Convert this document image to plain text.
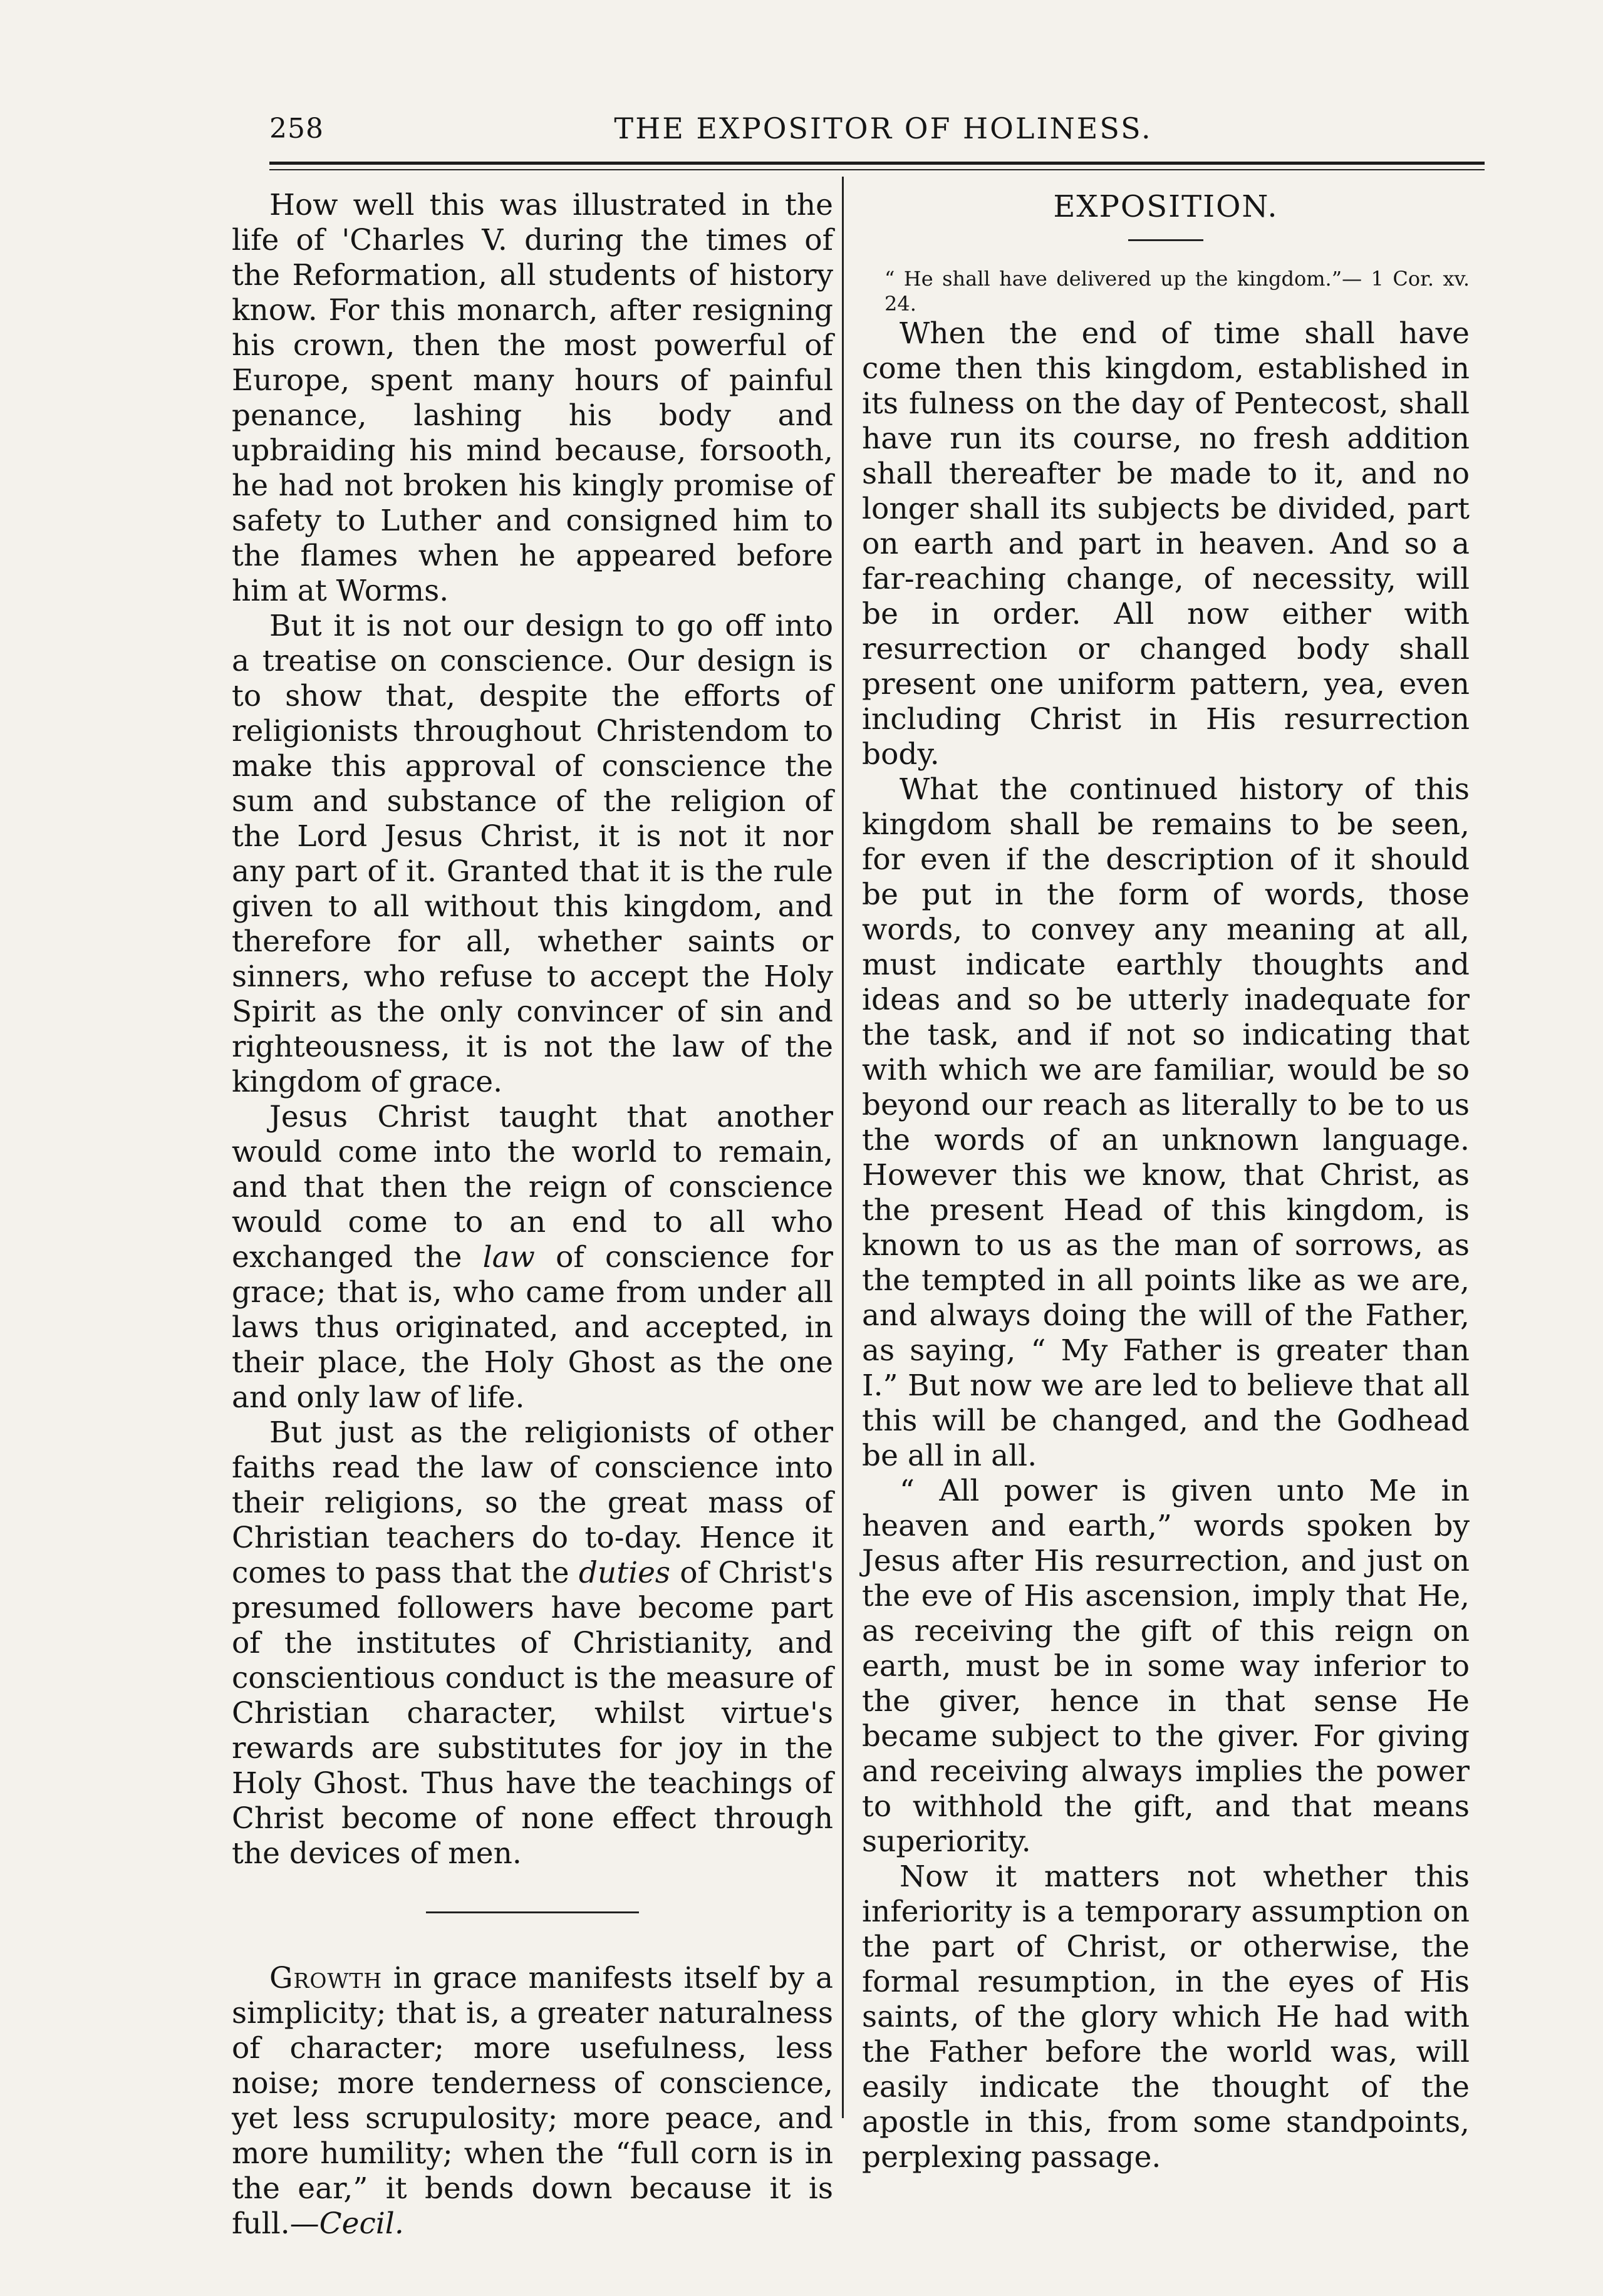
258	THE EXPOSITOR OF HOLINESS.

How well this was illustrated in the life of 'Charles V. during the times of the Reformation, all students of history know. For this monarch, after resigning his crown, then the most powerful of Europe, spent many hours of painful penance, lashing his body and upbraiding his mind because, forsooth, he had not broken his kingly promise of safety to Luther and consigned him to the flames when he appeared before him at Worms.

But it is not our design to go off into a treatise on conscience. Our design is to show that, despite the efforts of religionists throughout Christendom to make this approval of conscience the sum and substance of the religion of the Lord Jesus Christ, it is not it nor any part of it. Granted that it is the rule given to all without this kingdom, and therefore for all, whether saints or sinners, who refuse to accept the Holy Spirit as the only convincer of sin and righteousness, it is not the law of the kingdom of grace.

Jesus Christ taught that another would come into the world to remain, and that then the reign of conscience would come to an end to all who exchanged the law of conscience for grace; that is, who came from under all laws thus originated, and accepted, in their place, the Holy Ghost as the one and only law of life.

But just as the religionists of other faiths read the law of conscience into their religions, so the great mass of Christian teachers do to-day. Hence it comes to pass that the duties of Christ's presumed followers have become part of the institutes of Christianity, and conscientious conduct is the measure of Christian character, whilst virtue's rewards are substitutes for joy in the Holy Ghost. Thus have the teachings of Christ become of none effect through the devices of men.

Growth in grace manifests itself by a simplicity; that is, a greater naturalness of character; more usefulness, less noise; more tenderness of conscience, yet less scrupulosity; more peace, and more humility; when the “full corn is in the ear,” it bends down because it is full.—Cecil.

EXPOSITION.

“ He shall have delivered up the kingdom.”— 1 Cor. xv. 24.

When the end of time shall have come then this kingdom, established in its fulness on the day of Pentecost, shall have run its course, no fresh addition shall thereafter be made to it, and no longer shall its subjects be divided, part on earth and part in heaven. And so a far-reaching change, of necessity, will be in order. All now either with resurrection or changed body shall present one uniform pattern, yea, even including Christ in His resurrection body.

What the continued history of this kingdom shall be remains to be seen, for even if the description of it should be put in the form of words, those words, to convey any meaning at all, must indicate earthly thoughts and ideas and so be utterly inadequate for the task, and if not so indicating that with which we are familiar, would be so beyond our reach as literally to be to us the words of an unknown language. However this we know, that Christ, as the present Head of this kingdom, is known to us as the man of sorrows, as the tempted in all points like as we are, and always doing the will of the Father, as saying, “ My Father is greater than I.” But now we are led to believe that all this will be changed, and the Godhead be all in all.

“ All power is given unto Me in heaven and earth,” words spoken by Jesus after His resurrection, and just on the eve of His ascension, imply that He, as receiving the gift of this reign on earth, must be in some way inferior to the giver, hence in that sense He became subject to the giver. For giving and receiving always implies the power to withhold the gift, and that means superiority.

Now it matters not whether this inferiority is a temporary assumption on the part of Christ, or otherwise, the formal resumption, in the eyes of His saints, of the glory which He had with the Father before the world was, will easily indicate the thought of the apostle in this, from some standpoints, perplexing passage.
